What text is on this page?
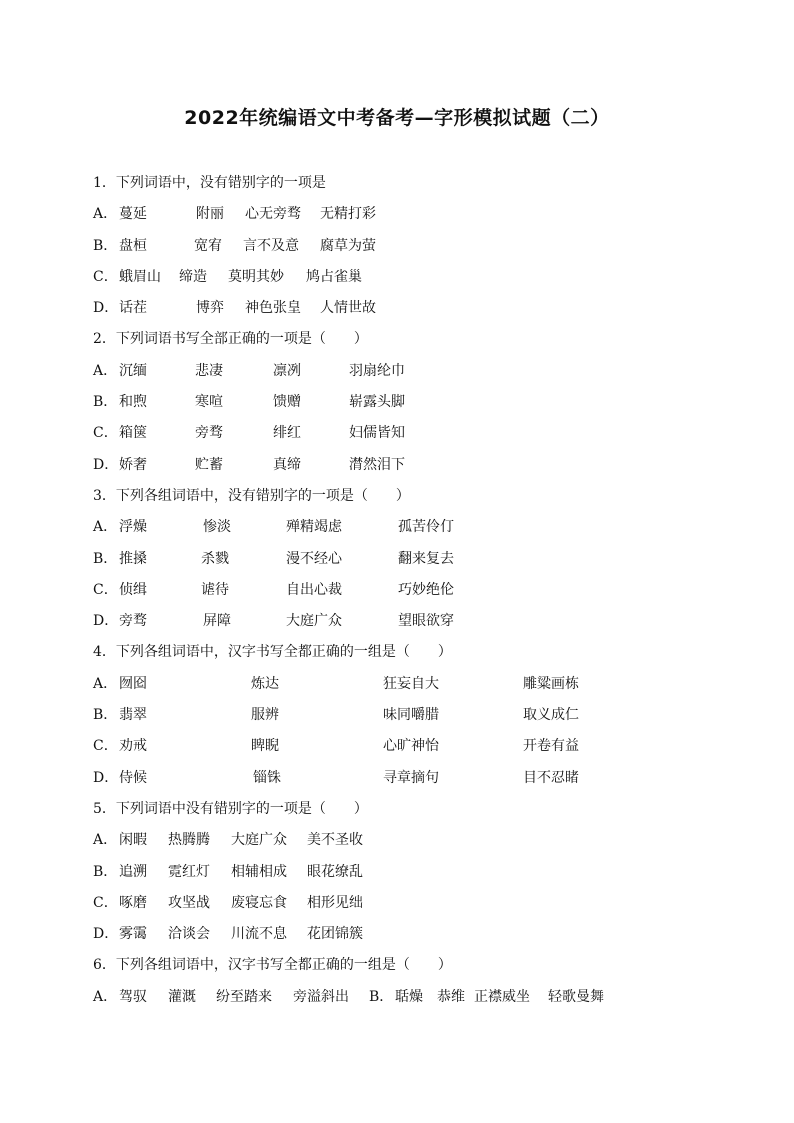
2022年统编语文中考备考—字形模拟试题（二）
1．下列词语中，没有错别字的一项是
A． 蔓延	附丽 心无旁骛 无精打彩
B． 盘桓	宽宥 言不及意 腐草为萤
C． 蛾眉山 缔造 莫明其妙 鸠占雀巢
D． 话茬	博弈 神色张皇 人情世故
2．下列词语书写全部正确的一项是（　　）
A． 沉缅	悲凄	凛冽	羽扇纶巾
B． 和煦	寒喧	馈赠	崭露头脚
C． 箱箧	旁骛	绯红	妇儒皆知
D． 娇奢	贮蓄	真缔	潸然泪下
3．下列各组词语中，没有错别字的一项是（　　）
A． 浮燥	惨淡	殚精竭虑	孤苦伶仃
B． 推搡	杀戮	漫不经心	翻来复去
C． 侦缉	谑待	自出心裁	巧妙绝伦
D． 旁骛	屏障	大庭广众	望眼欲穿
4．下列各组词语中，汉字书写全都正确的一组是（　　）
A． 囫囵	炼达	狂妄自大	雕粱画栋
B． 翡翠	服辨	味同嚼腊	取义成仁
C． 劝戒	睥睨	心旷神怡	开卷有益
D． 侍候	锱铢	寻章摘句	目不忍睹
5．下列词语中没有错别字的一项是（　　）
A． 闲暇 热腾腾 大庭广众 美不圣收
B． 追溯 霓红灯 相辅相成 眼花缭乱
C． 啄磨 攻坚战 废寝忘食 相形见绌
D． 雾霭 洽谈会 川流不息 花团锦簇
6．下列各组词语中，汉字书写全都正确的一组是（　　）
A． 驾驭 灌溉 纷至踏来 旁溢斜出 B． 聒燥 恭维 正襟威坐 轻歌曼舞
